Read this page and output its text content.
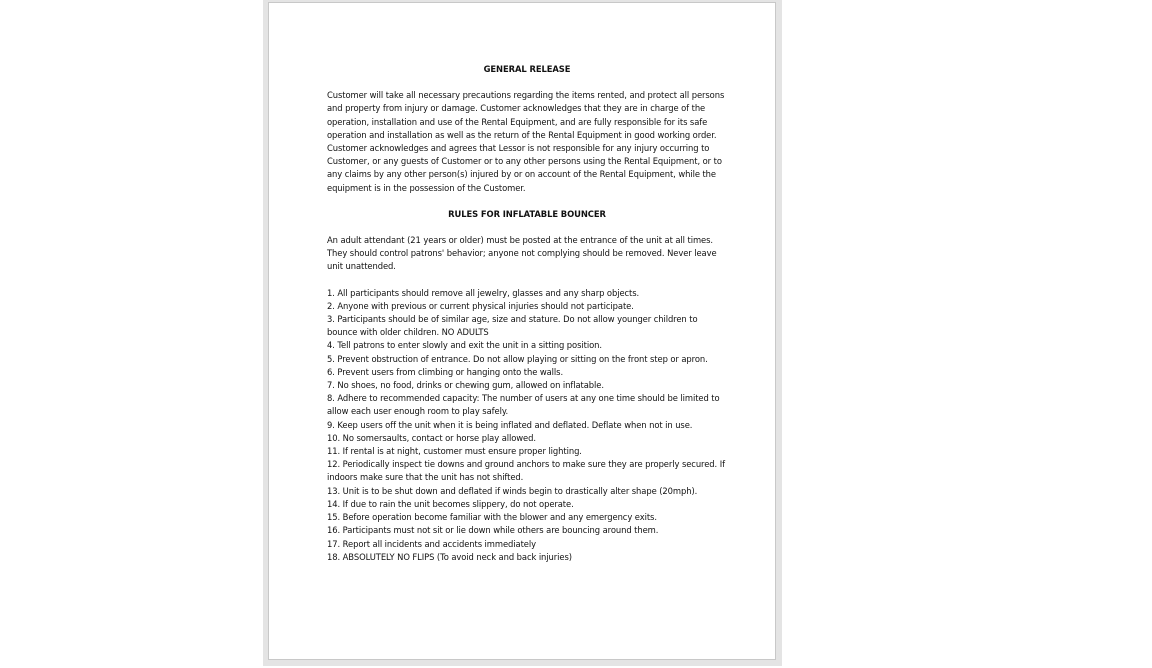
GENERAL RELEASE

Customer will take all necessary precautions regarding the items rented, and protect all persons and property from injury or damage. Customer acknowledges that they are in charge of the operation, installation and use of the Rental Equipment, and are fully responsible for its safe operation and installation as well as the return of the Rental Equipment in good working order. Customer acknowledges and agrees that Lessor is not responsible for any injury occurring to Customer, or any guests of Customer or to any other persons using the Rental Equipment, or to any claims by any other person(s) injured by or on account of the Rental Equipment, while the equipment is in the possession of the Customer.

RULES FOR INFLATABLE BOUNCER

An adult attendant (21 years or older) must be posted at the entrance of the unit at all times. They should control patrons' behavior; anyone not complying should be removed. Never leave unit unattended.

1. All participants should remove all jewelry, glasses and any sharp objects.
2. Anyone with previous or current physical injuries should not participate.
3. Participants should be of similar age, size and stature. Do not allow younger children to bounce with older children. NO ADULTS
4. Tell patrons to enter slowly and exit the unit in a sitting position.
5. Prevent obstruction of entrance. Do not allow playing or sitting on the front step or apron.
6. Prevent users from climbing or hanging onto the walls.
7. No shoes, no food, drinks or chewing gum, allowed on inflatable.
8. Adhere to recommended capacity: The number of users at any one time should be limited to allow each user enough room to play safely.
9. Keep users off the unit when it is being inflated and deflated. Deflate when not in use.
10. No somersaults, contact or horse play allowed.
11. If rental is at night, customer must ensure proper lighting.
12. Periodically inspect tie downs and ground anchors to make sure they are properly secured. If indoors make sure that the unit has not shifted.
13. Unit is to be shut down and deflated if winds begin to drastically alter shape (20mph).
14. If due to rain the unit becomes slippery, do not operate.
15. Before operation become familiar with the blower and any emergency exits.
16. Participants must not sit or lie down while others are bouncing around them.
17. Report all incidents and accidents immediately
18. ABSOLUTELY NO FLIPS (To avoid neck and back injuries)
